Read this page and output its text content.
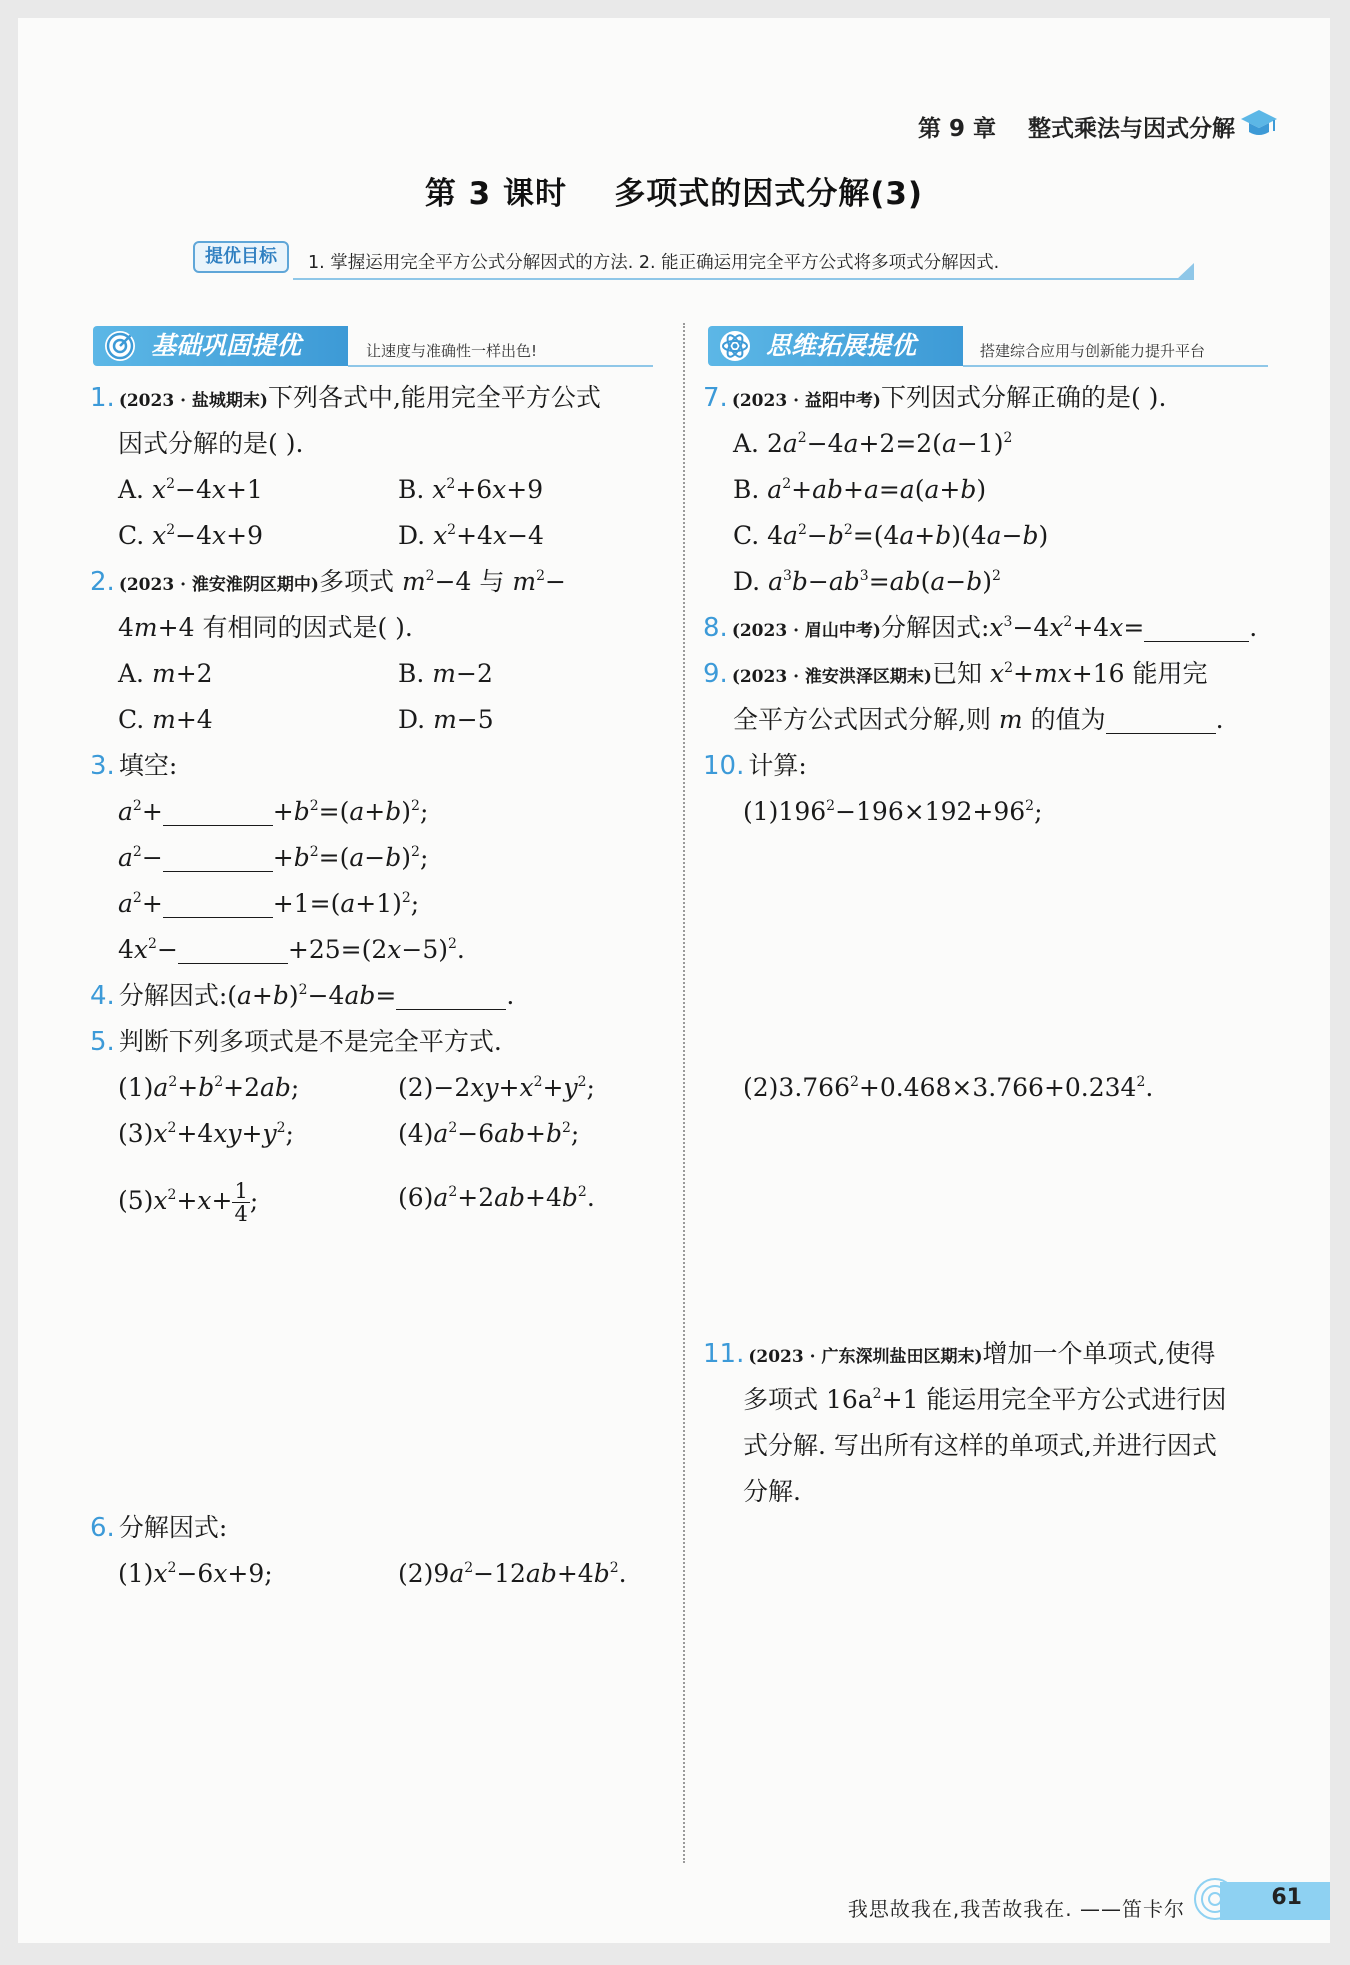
第 9 章    整式乘法与因式分解
第 3 课时    多项式的因式分解(3)
提优目标	1. 掌握运用完全平方公式分解因式的方法. 2. 能正确运用完全平方公式将多项式分解因式.
基础巩固提优	让速度与准确性一样出色!	思维拓展提优	搭建综合应用与创新能力提升平台
1. (2023 · 盐城期末)下列各式中,能用完全平方公式
因式分解的是( ).
A. $x^2-4x+1$	B. $x^2+6x+9$
C. $x^2-4x+9$	D. $x^2+4x-4$
2. (2023 · 淮安淮阴区期中)多项式 $m^2-4$ 与 $m^2-$
4m+4 有相同的因式是( ).
A. m+2	B. m−2
C. m+4	D. m−5
3. 填空:
$a^2+$	$+b^2=(a+b)^2$;
$a^2-$	$+b^2=(a-b)^2$;
$a^2+$	$+1=(a+1)^2$;
$4x^2-$	$+25=(2x-5)^2$.
4. 分解因式$:(a+b)^2-4ab=$	.
5. 判断下列多项式是不是完全平方式.
$(1)a^2+b^2+2ab$;	$(2)-2xy+x^2+y^2$;
$(3)x^2+4xy+y^2$;	$(4)a^2-6ab+b^2$;
$(5)x^2+x+ \frac{1}{4}$ ;	$(6)a^2+2ab+4b^2$.
6. 分解因式:
$(1)x^2-6x+9$;	$(2)9a^2-12ab+4b^2$.
7. (2023 · 益阳中考)下列因式分解正确的是( ).
A. $2a^2-4a+2=2(a-1)^2$
B. $a^2+ab+a=a(a+b)$
C. $4a^2-b^2=(4a+b)(4a-b)$
D. $a^3b-ab^3=ab(a-b)^2$
8. (2023 · 眉山中考)分解因式$:x^3-4x^2+4x=$	.
9. (2023 · 淮安洪泽区期末)已知 $x^2+mx+16$ 能用完
全平方公式因式分解,则 m 的值为	.
10. 计算:
$(1)196^2-196\times 192+96^2$;
$(2)3.766^2+0.468\times 3.766+0.234^2$.
11. (2023 · 广东深圳盐田区期末)增加一个单项式,使得
多项式 $16a^2+1$ 能运用完全平方公式进行因
式分解. 写出所有这样的单项式,并进行因式
分解.
我思故我在,我苦故我在. ——笛卡尔	61
